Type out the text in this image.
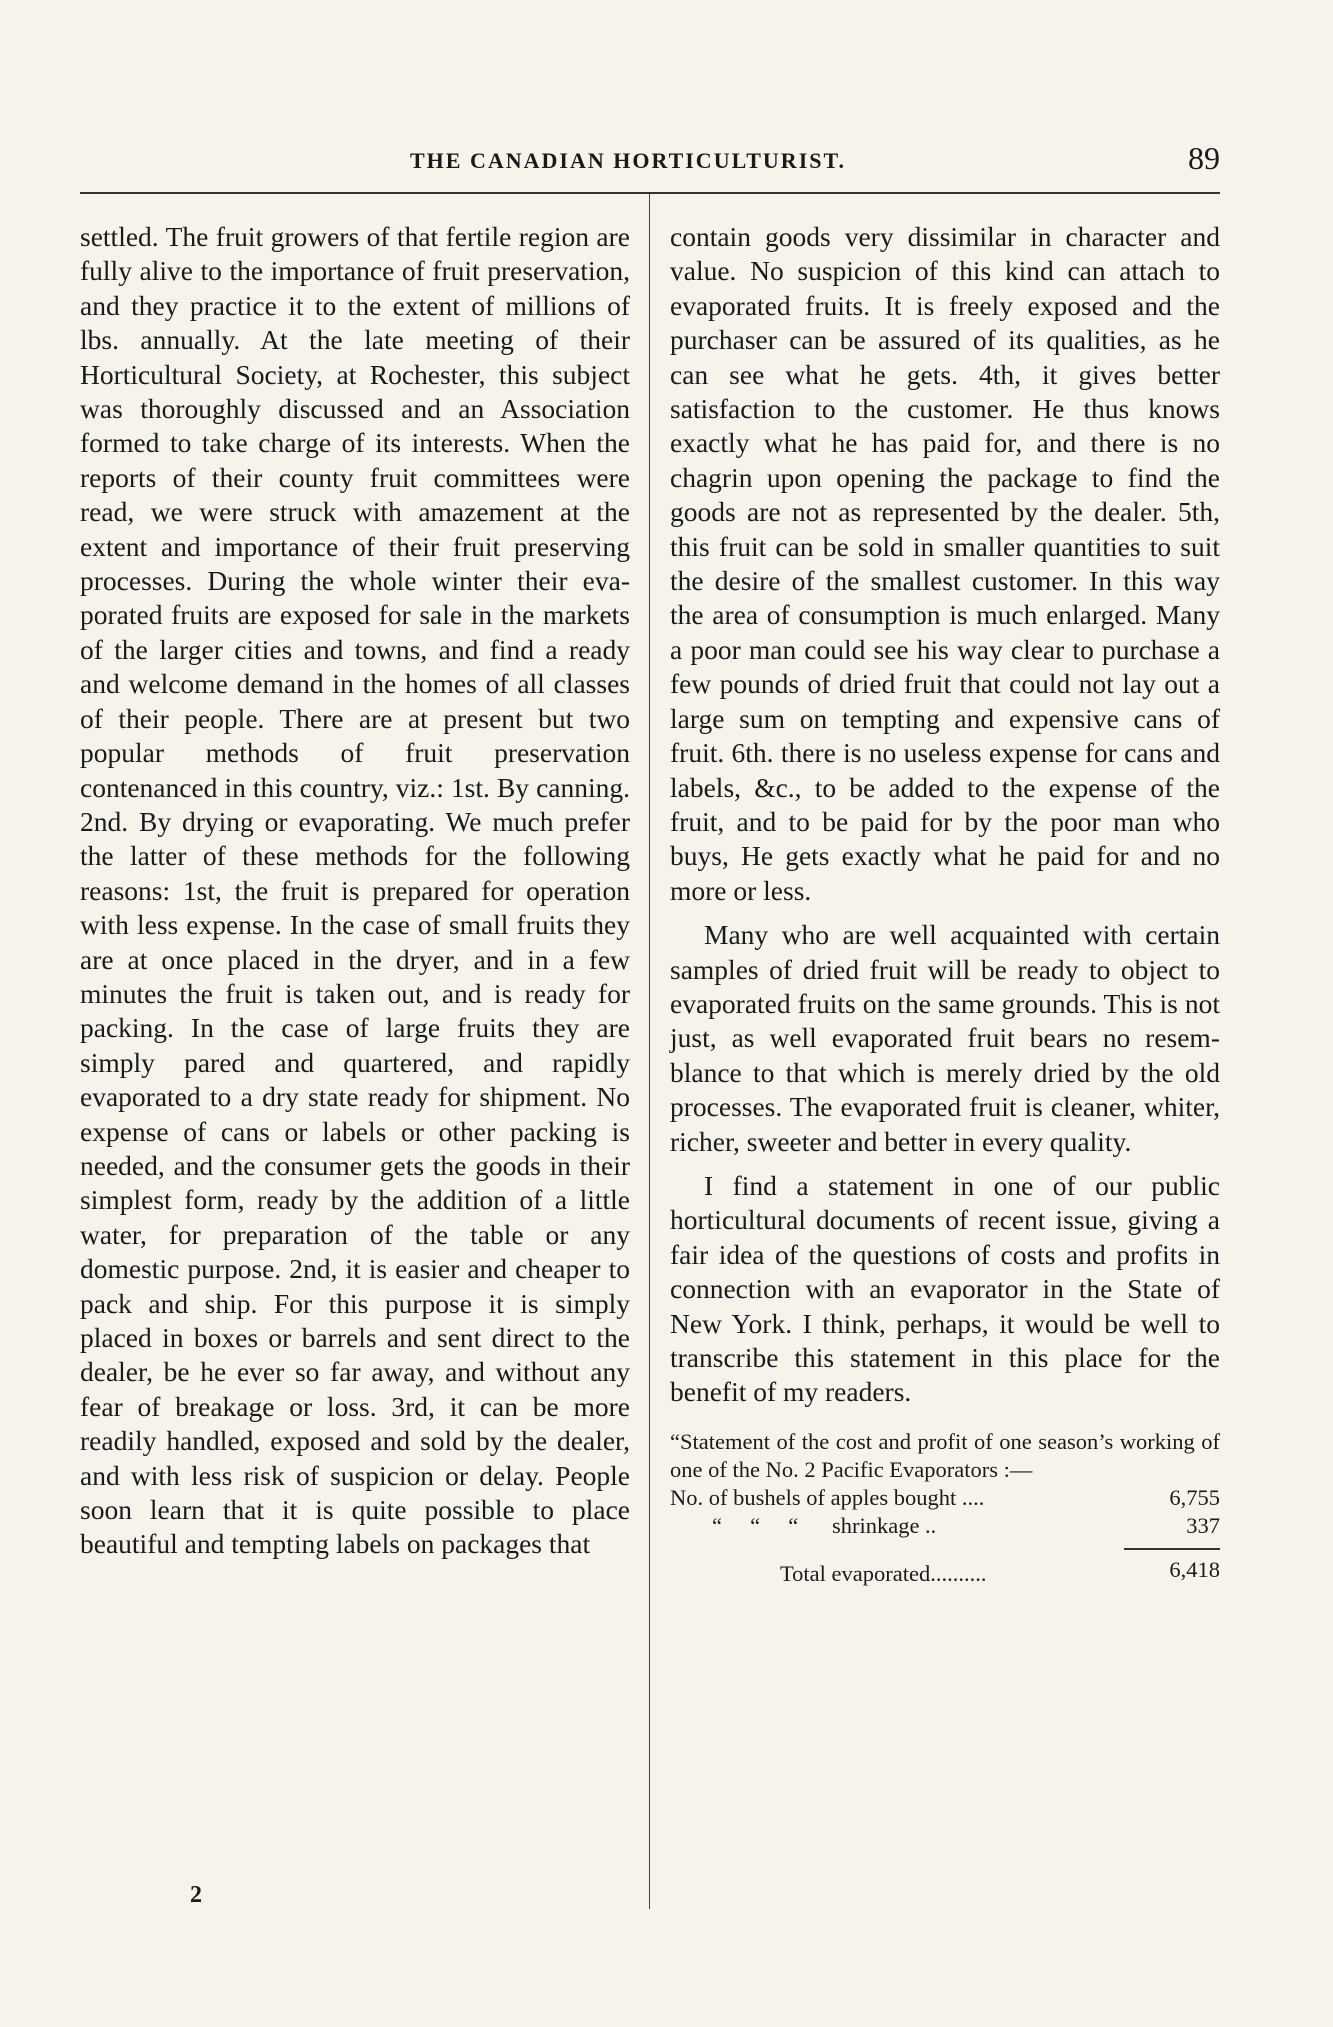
THE CANADIAN HORTICULTURIST.	89

settled. The fruit growers of that fertile region are fully alive to the importance of fruit preservation, and they practice it to the extent of millions of lbs. annually. At the late meeting of their Horticultural Society, at Rochester, this subject was thoroughly discussed and an Association formed to take charge of its interests. When the reports of their county fruit committees were read, we were struck with amazement at the extent and importance of their fruit preserving processes. During the whole winter their evaporated fruits are exposed for sale in the markets of the larger cities and towns, and find a ready and welcome demand in the homes of all classes of their people. There are at present but two popular methods of fruit preservation contenanced in this country, viz.: 1st. By canning. 2nd. By drying or evaporating. We much prefer the latter of these methods for the following reasons: 1st, the fruit is prepared for operation with less expense. In the case of small fruits they are at once placed in the dryer, and in a few minutes the fruit is taken out, and is ready for packing. In the case of large fruits they are simply pared and quartered, and rapidly evaporated to a dry state ready for shipment. No expense of cans or labels or other packing is needed, and the consumer gets the goods in their simplest form, ready by the addition of a little water, for preparation of the table or any domestic purpose. 2nd, it is easier and cheaper to pack and ship. For this purpose it is simply placed in boxes or barrels and sent direct to the dealer, be he ever so far away, and without any fear of breakage or loss. 3rd, it can be more readily handled, exposed and sold by the dealer, and with less risk of suspicion or delay. People soon learn that it is quite possible to place beautiful and tempting labels on packages that

contain goods very dissimilar in character and value. No suspicion of this kind can attach to evaporated fruits. It is freely exposed and the purchaser can be assured of its qualities, as he can see what he gets. 4th, it gives better satisfaction to the customer. He thus knows exactly what he has paid for, and there is no chagrin upon opening the package to find the goods are not as represented by the dealer. 5th, this fruit can be sold in smaller quantities to suit the desire of the smallest customer. In this way the area of consumption is much enlarged. Many a poor man could see his way clear to purchase a few pounds of dried fruit that could not lay out a large sum on tempting and expensive cans of fruit. 6th. there is no useless expense for cans and labels, &c., to be added to the expense of the fruit, and to be paid for by the poor man who buys, He gets exactly what he paid for and no more or less.

Many who are well acquainted with certain samples of dried fruit will be ready to object to evaporated fruits on the same grounds. This is not just, as well evaporated fruit bears no resemblance to that which is merely dried by the old processes. The evaporated fruit is cleaner, whiter, richer, sweeter and better in every quality.

I find a statement in one of our public horticultural documents of recent issue, giving a fair idea of the questions of costs and profits in connection with an evaporator in the State of New York. I think, perhaps, it would be well to transcribe this statement in this place for the benefit of my readers.

“Statement of the cost and profit of one season’s working of one of the No. 2 Pacific Evaporators :—
No. of bushels of apples bought ....	6,755
“     “     “      shrinkage ..	337
Total evaporated..........	6,418
2
